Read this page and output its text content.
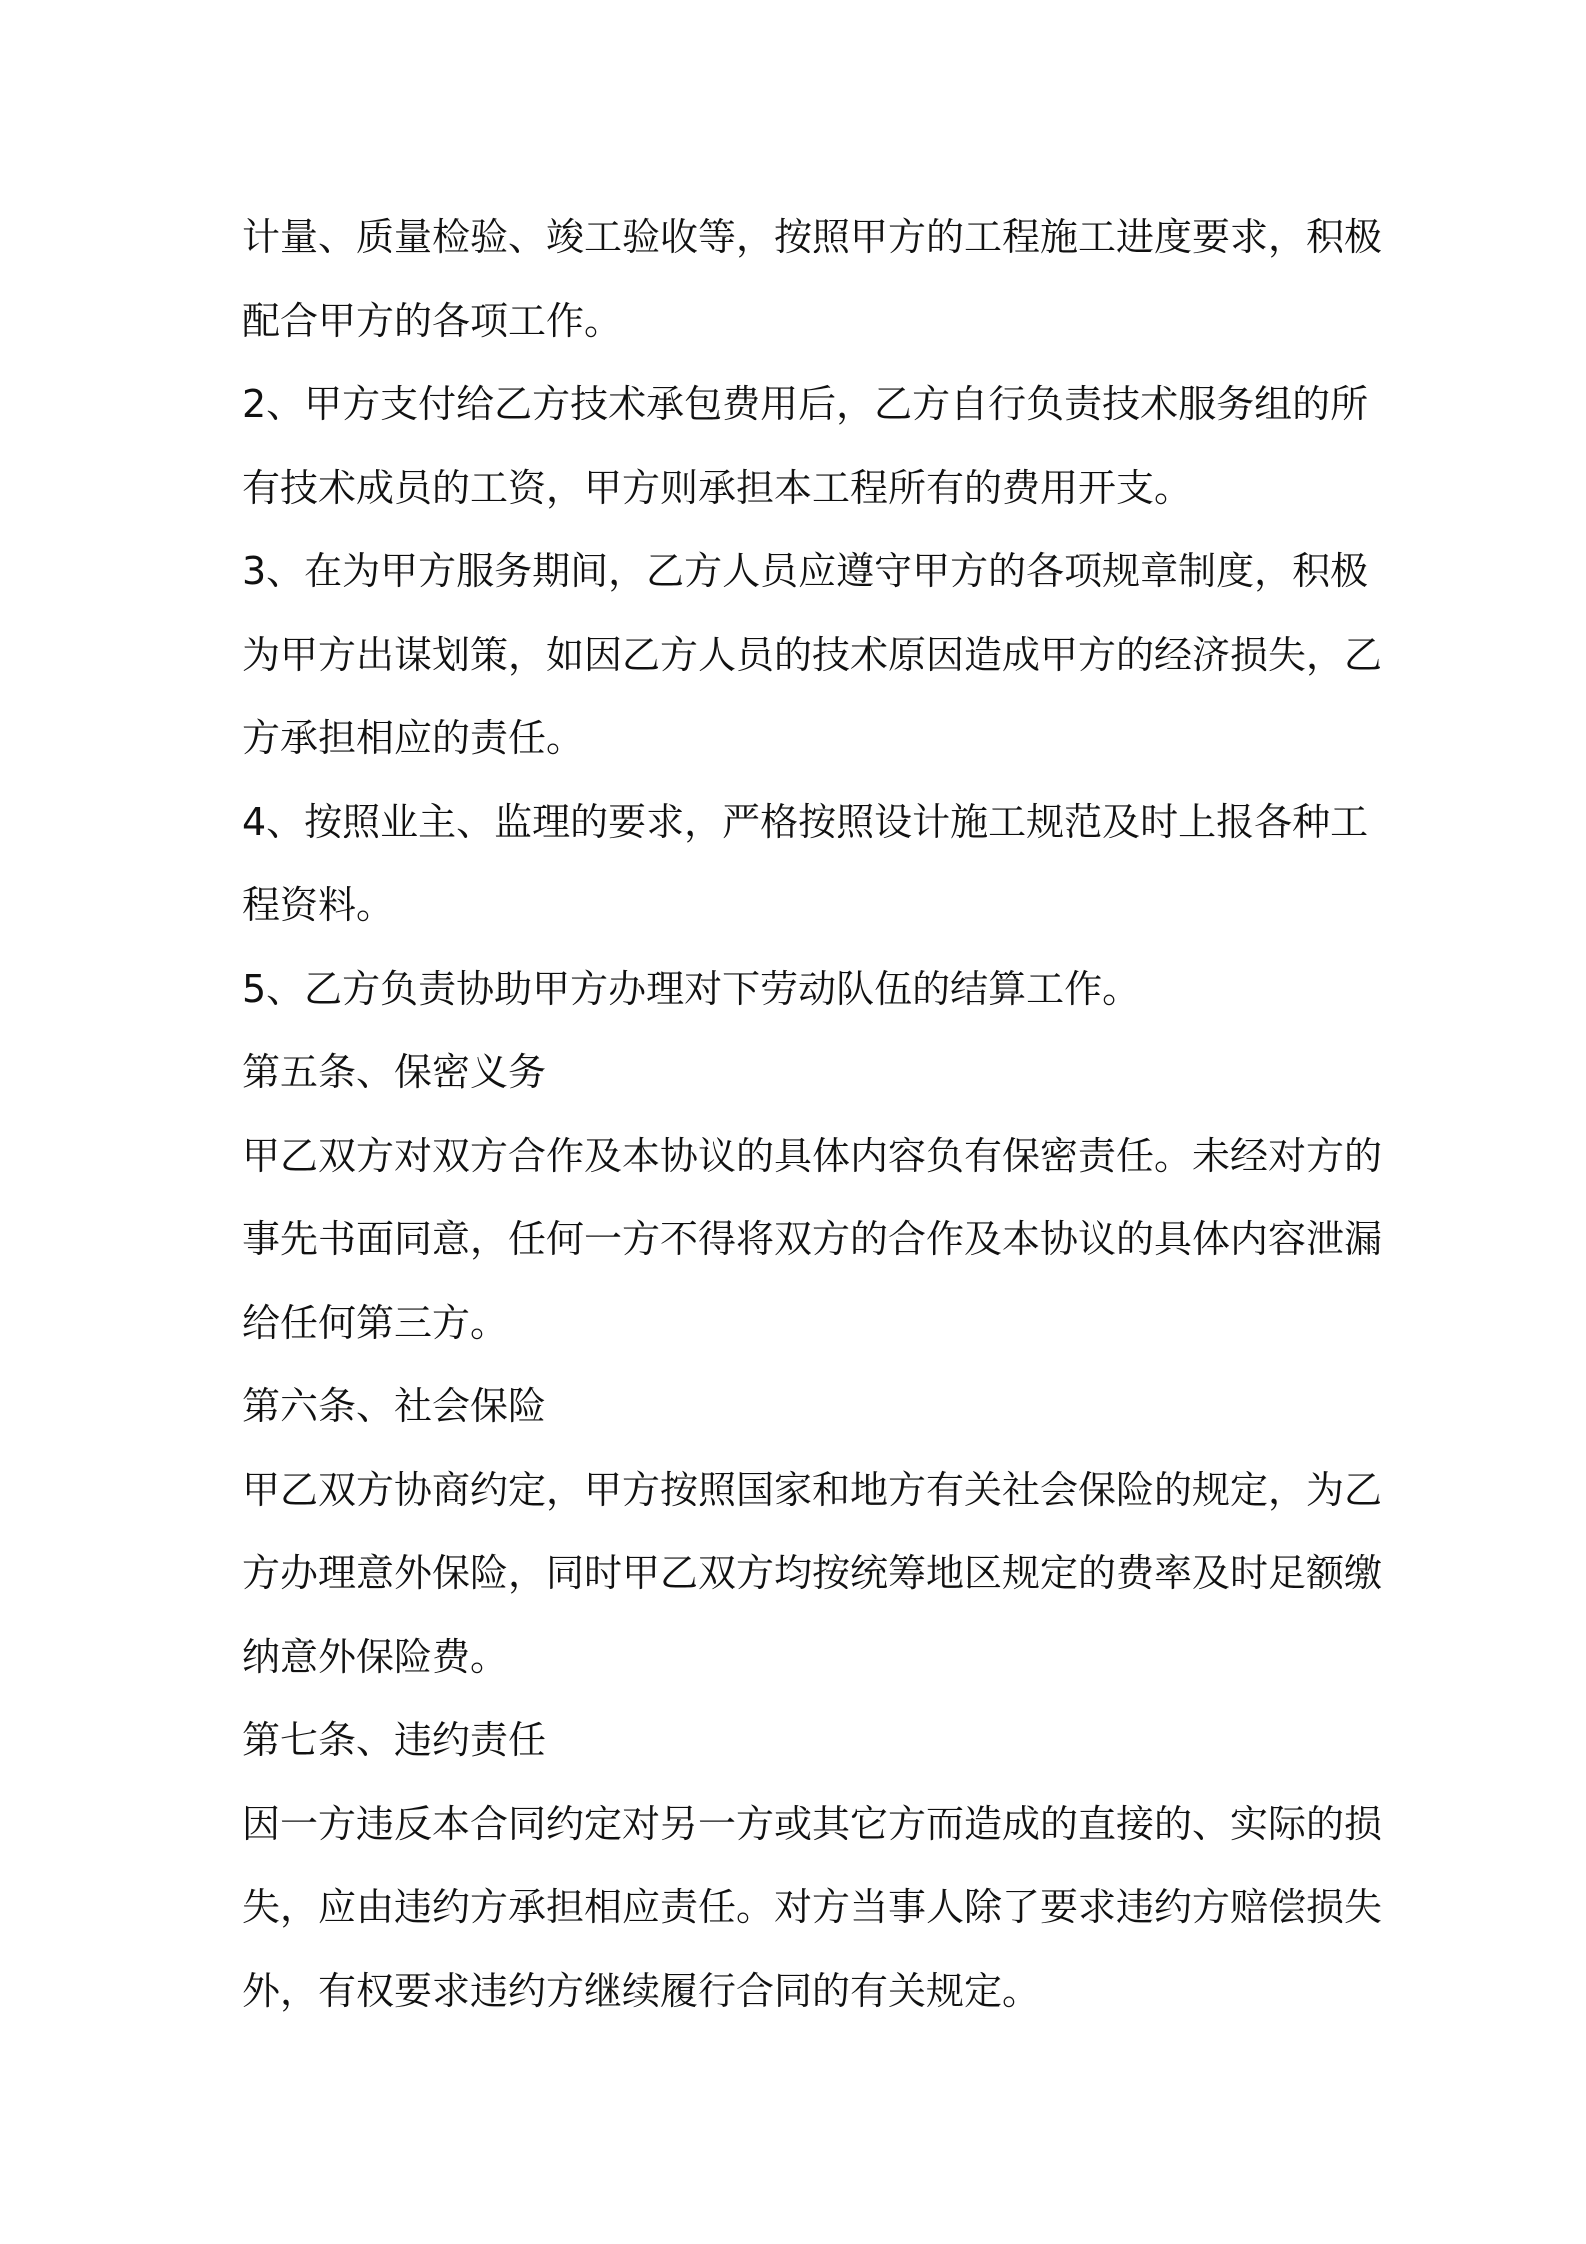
计量、质量检验、竣工验收等，按照甲方的工程施工进度要求，积极
配合甲方的各项工作。
2、甲方支付给乙方技术承包费用后，乙方自行负责技术服务组的所
有技术成员的工资，甲方则承担本工程所有的费用开支。
3、在为甲方服务期间，乙方人员应遵守甲方的各项规章制度，积极
为甲方出谋划策，如因乙方人员的技术原因造成甲方的经济损失，乙
方承担相应的责任。
4、按照业主、监理的要求，严格按照设计施工规范及时上报各种工
程资料。
5、乙方负责协助甲方办理对下劳动队伍的结算工作。
第五条、保密义务
甲乙双方对双方合作及本协议的具体内容负有保密责任。未经对方的
事先书面同意，任何一方不得将双方的合作及本协议的具体内容泄漏
给任何第三方。
第六条、社会保险
甲乙双方协商约定，甲方按照国家和地方有关社会保险的规定，为乙
方办理意外保险，同时甲乙双方均按统筹地区规定的费率及时足额缴
纳意外保险费。
第七条、违约责任
因一方违反本合同约定对另一方或其它方而造成的直接的、实际的损
失，应由违约方承担相应责任。对方当事人除了要求违约方赔偿损失
外，有权要求违约方继续履行合同的有关规定。
